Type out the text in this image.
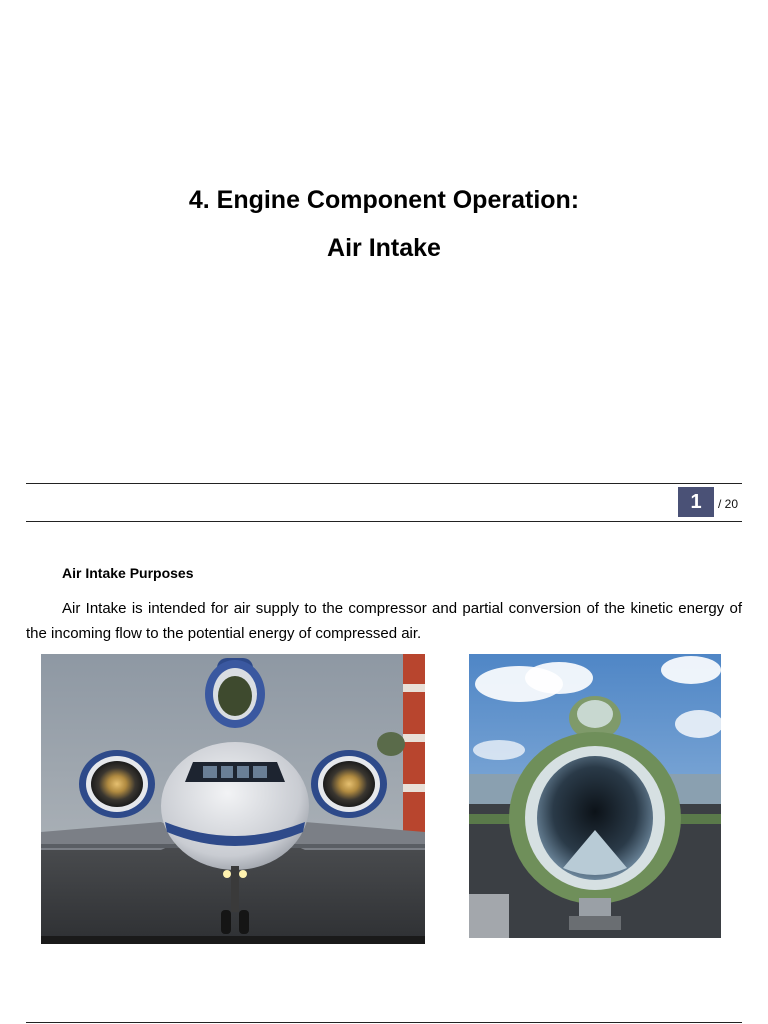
4. Engine Component Operation:
Air Intake
1	/ 20
Air Intake Purposes

Air Intake is intended for air supply to the compressor and partial conversion of the kinetic energy of the incoming flow to the potential energy of compressed air.
